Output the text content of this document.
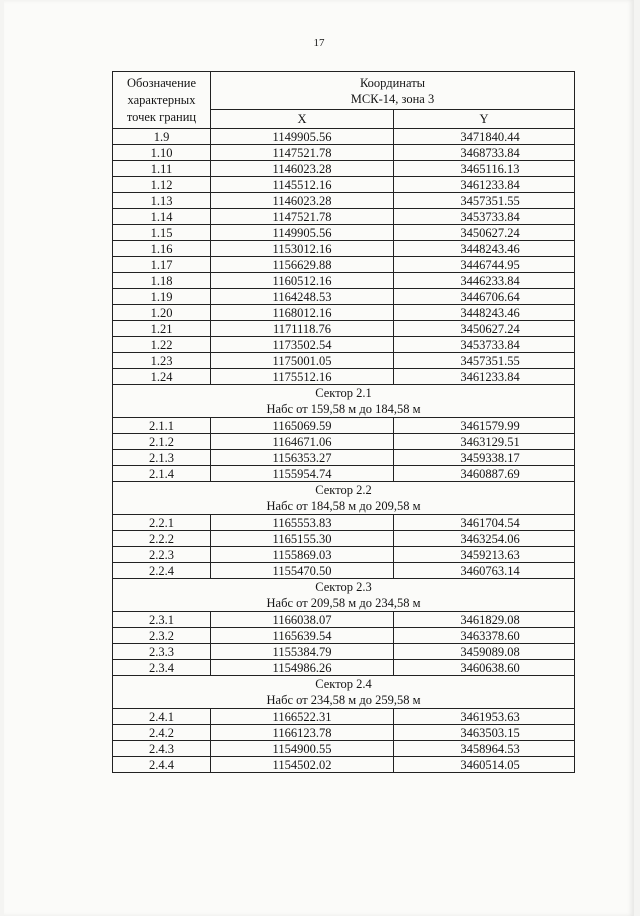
17
Обозначение характерных точек границ	Координаты
МСК-14, зона 3	

	X	Y
1.9	1149905.56	3471840.44
1.10	1147521.78	3468733.84
1.11	1146023.28	3465116.13
1.12	1145512.16	3461233.84
1.13	1146023.28	3457351.55
1.14	1147521.78	3453733.84
1.15	1149905.56	3450627.24
1.16	1153012.16	3448243.46
1.17	1156629.88	3446744.95
1.18	1160512.16	3446233.84
1.19	1164248.53	3446706.64
1.20	1168012.16	3448243.46
1.21	1171118.76	3450627.24
1.22	1173502.54	3453733.84
1.23	1175001.05	3457351.55
1.24	1175512.16	3461233.84

Сектор 2.1
Набс от 159,58 м до 184,58 м		

2.1.1	1165069.59	3461579.99
2.1.2	1164671.06	3463129.51
2.1.3	1156353.27	3459338.17
2.1.4	1155954.74	3460887.69

Сектор 2.2
Набс от 184,58 м до 209,58 м		

2.2.1	1165553.83	3461704.54
2.2.2	1165155.30	3463254.06
2.2.3	1155869.03	3459213.63
2.2.4	1155470.50	3460763.14

Сектор 2.3
Набс от 209,58 м до 234,58 м		

2.3.1	1166038.07	3461829.08
2.3.2	1165639.54	3463378.60
2.3.3	1155384.79	3459089.08
2.3.4	1154986.26	3460638.60

Сектор 2.4
Набс от 234,58 м до 259,58 м		

2.4.1	1166522.31	3461953.63
2.4.2	1166123.78	3463503.15
2.4.3	1154900.55	3458964.53
2.4.4	1154502.02	3460514.05
